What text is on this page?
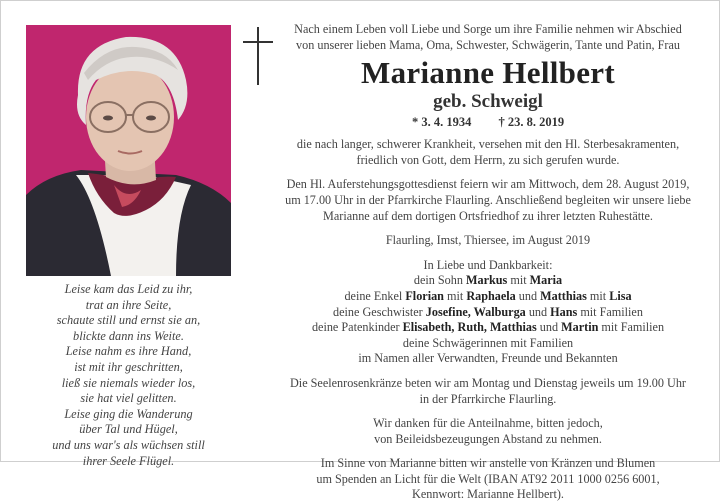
Leise kam das Leid zu ihr,
trat an ihre Seite,
schaute still und ernst sie an,
blickte dann ins Weite.
Leise nahm es ihre Hand,
ist mit ihr geschritten,
ließ sie niemals wieder los,
sie hat viel gelitten.
Leise ging die Wanderung
über Tal und Hügel,
und uns war's als wüchsen still
ihrer Seele Flügel.
Nach einem Leben voll Liebe und Sorge um ihre Familie nehmen wir Abschied
von unserer lieben Mama, Oma, Schwester, Schwägerin, Tante und Patin, Frau
Marianne Hellbert
geb. Schweigl
* 3. 4. 1934 † 23. 8. 2019
die nach langer, schwerer Krankheit, versehen mit den Hl. Sterbesakramenten,
friedlich von Gott, dem Herrn, zu sich gerufen wurde.
Den Hl. Auferstehungsgottesdienst feiern wir am Mittwoch, dem 28. August 2019,
um 17.00 Uhr in der Pfarrkirche Flaurling. Anschließend begleiten wir unsere liebe
Marianne auf dem dortigen Ortsfriedhof zu ihrer letzten Ruhestätte.
Flaurling, Imst, Thiersee, im August 2019
In Liebe und Dankbarkeit:
dein Sohn Markus mit Maria
deine Enkel Florian mit Raphaela und Matthias mit Lisa
deine Geschwister Josefine, Walburga und Hans mit Familien
deine Patenkinder Elisabeth, Ruth, Matthias und Martin mit Familien
deine Schwägerinnen mit Familien
im Namen aller Verwandten, Freunde und Bekannten
Die Seelenrosenkränze beten wir am Montag und Dienstag jeweils um 19.00 Uhr
in der Pfarrkirche Flaurling.
Wir danken für die Anteilnahme, bitten jedoch,
von Beileidsbezeugungen Abstand zu nehmen.
Im Sinne von Marianne bitten wir anstelle von Kränzen und Blumen
um Spenden an Licht für die Welt (IBAN AT92 2011 1000 0256 6001,
Kennwort: Marianne Hellbert).
